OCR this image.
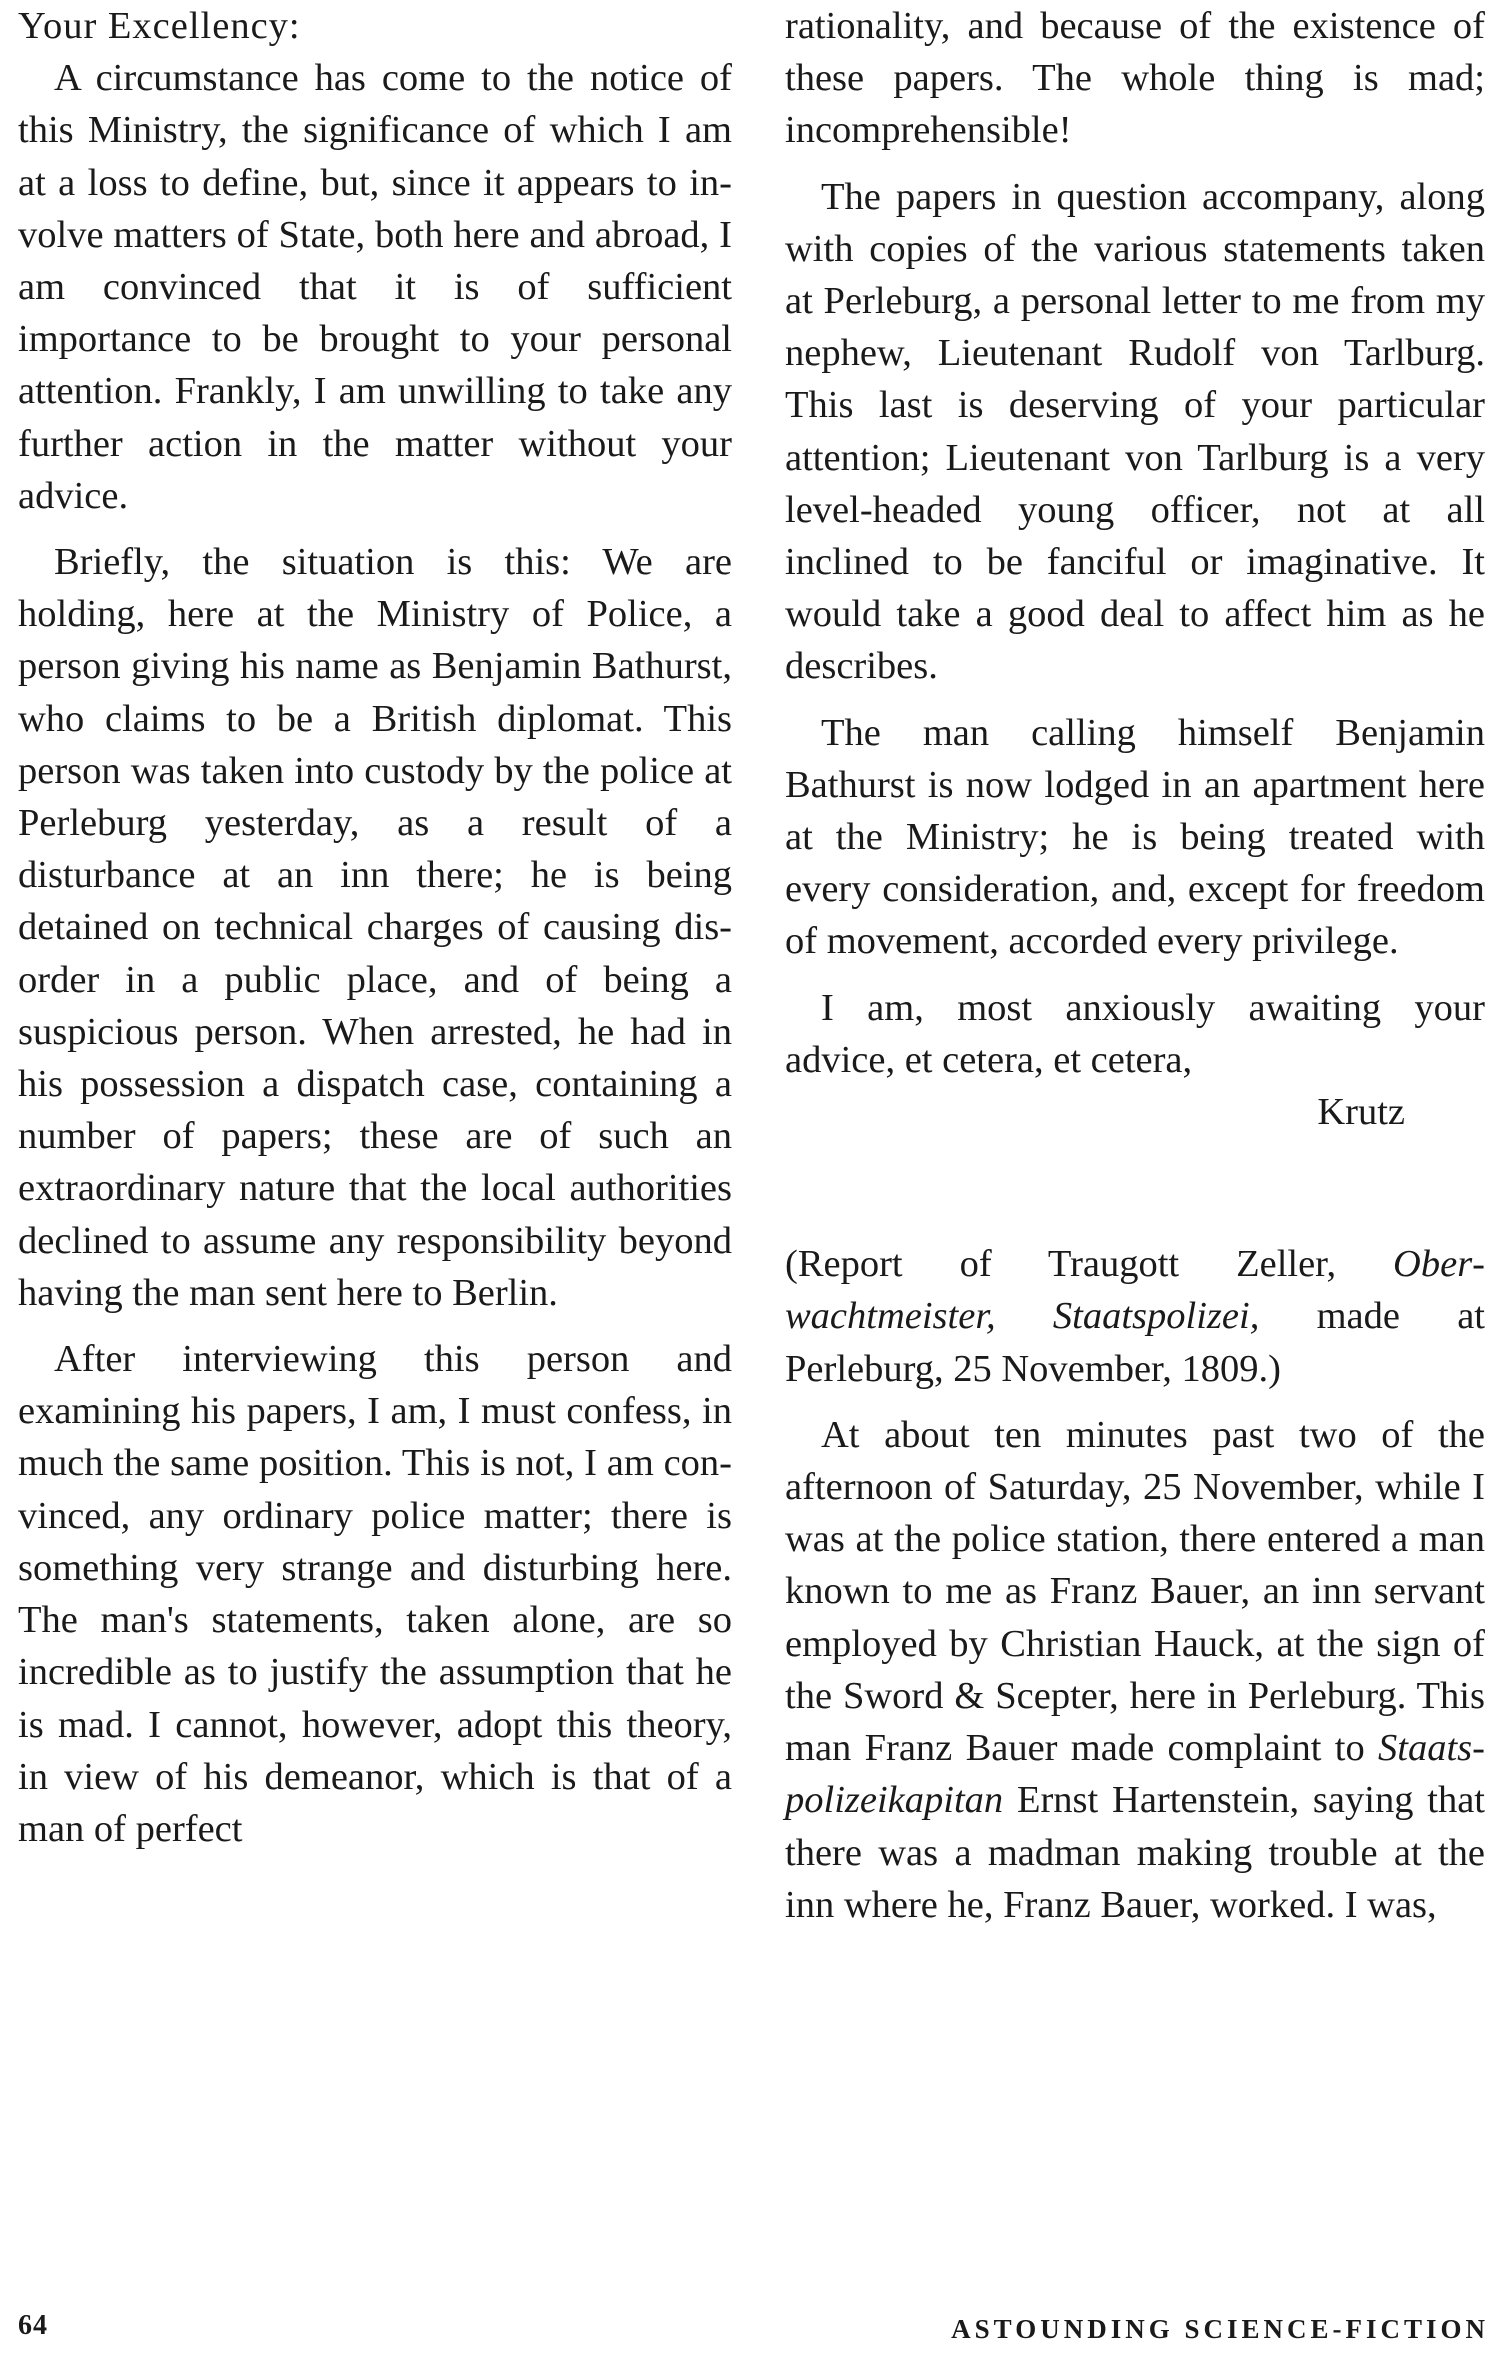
Your Excellency:

A circumstance has come to the notice of this Ministry, the significance of which I am at a loss to define, but, since it appears to involve matters of State, both here and abroad, I am convinced that it is of sufficient importance to be brought to your personal attention. Frankly, I am unwilling to take any further action in the matter without your advice.

Briefly, the situation is this: We are holding, here at the Ministry of Police, a person giving his name as Benjamin Bathurst, who claims to be a British diplomat. This person was taken into custody by the police at Perleburg yesterday, as a result of a disturbance at an inn there; he is being detained on technical charges of causing disorder in a public place, and of being a suspicious person. When arrested, he had in his possession a dispatch case, containing a number of papers; these are of such an extraordinary nature that the local authorities declined to assume any responsibility beyond having the man sent here to Berlin.

After interviewing this person and examining his papers, I am, I must confess, in much the same position. This is not, I am convinced, any ordinary police matter; there is something very strange and disturbing here. The man's statements, taken alone, are so incredible as to justify the assumption that he is mad. I cannot, however, adopt this theory, in view of his demeanor, which is that of a man of perfect

rationality, and because of the existence of these papers. The whole thing is mad; incomprehensible!

The papers in question accompany, along with copies of the various statements taken at Perleburg, a personal letter to me from my nephew, Lieutenant Rudolf von Tarlburg. This last is deserving of your particular attention; Lieutenant von Tarlburg is a very level-headed young officer, not at all inclined to be fanciful or imaginative. It would take a good deal to affect him as he describes.

The man calling himself Benjamin Bathurst is now lodged in an apartment here at the Ministry; he is being treated with every consideration, and, except for freedom of movement, accorded every privilege.

I am, most anxiously awaiting your advice, et cetera, et cetera,

Krutz

(Report of Traugott Zeller, Oberwachtmeister, Staatspolizei, made at Perleburg, 25 November, 1809.)

At about ten minutes past two of the afternoon of Saturday, 25 November, while I was at the police station, there entered a man known to me as Franz Bauer, an inn servant employed by Christian Hauck, at the sign of the Sword & Scepter, here in Perleburg. This man Franz Bauer made complaint to Staatspolizeikapitan Ernst Hartenstein, saying that there was a madman making trouble at the inn where he, Franz Bauer, worked. I was,

64	ASTOUNDING SCIENCE-FICTION
